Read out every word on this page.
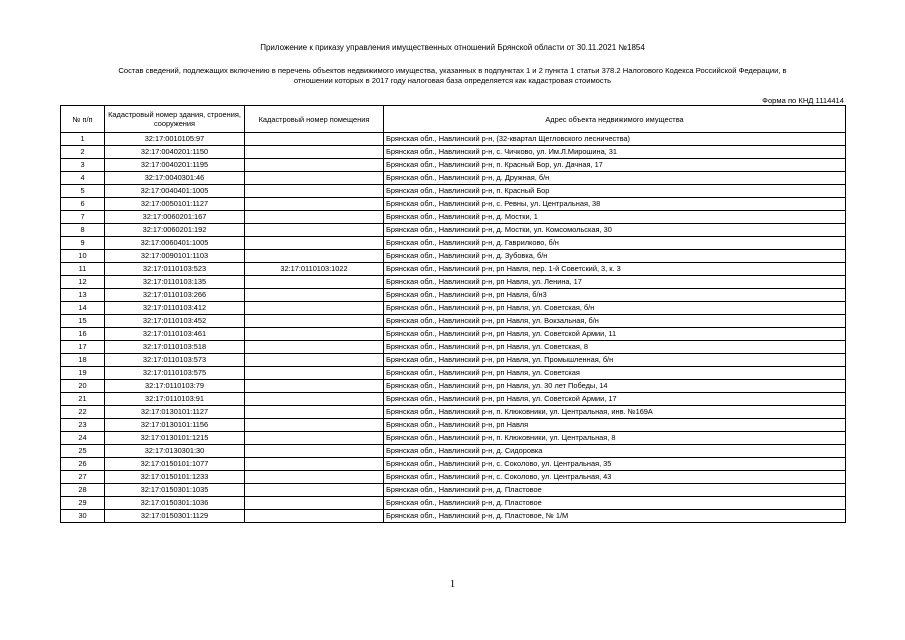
Приложение к приказу управления имущественных отношений Брянской области от 30.11.2021 №1854
Состав сведений, подлежащих включению в перечень объектов недвижимого имущества, указанных в подпунктах 1 и 2 пункта 1 статьи 378.2 Налогового Кодекса Российской Федерации, в
отношении которых в 2017 году налоговая база определяется как кадастровая стоимость
Форма по КНД 1114414
№ п/п	Кадастровый номер здания, строения, сооружения	Кадастровый номер помещения	Адрес объекта недвижимого имущества
1	32:17:0010105:97		Брянская обл., Навлинский р-н, (32-квартал Щегловского лесничества)
2	32:17:0040201:1150		Брянская обл., Навлинский р-н, с. Чичково, ул. Им.Л.Мирошина, 31
3	32:17:0040201:1195		Брянская обл., Навлинский р-н, п. Красный Бор, ул. Дачная, 17
4	32:17:0040301:46		Брянская обл., Навлинский р-н, д. Дружная, б/н
5	32:17:0040401:1005		Брянская обл., Навлинский р-н, п. Красный Бор
6	32:17:0050101:1127		Брянская обл., Навлинский р-н, с. Ревны, ул. Центральная, 38
7	32:17:0060201:167		Брянская обл., Навлинский р-н, д. Мостки, 1
8	32:17:0060201:192		Брянская обл., Навлинский р-н, д. Мостки, ул. Комсомольская, 30
9	32:17:0060401:1005		Брянская обл., Навлинский р-н, д. Гаврилково, б/н
10	32:17:0090101:1103		Брянская обл., Навлинский р-н, д. Зубовка, б/н
11	32:17:0110103:523	32:17:0110103:1022	Брянская обл., Навлинский р-н, рп Навля, пер. 1-й Советский, 3, к. 3
12	32:17:0110103:135		Брянская обл., Навлинский р-н, рп Навля, ул. Ленина, 17
13	32:17:0110103:266		Брянская обл., Навлинский р-н, рп Навля, б/н3
14	32:17:0110103:412		Брянская обл., Навлинский р-н, рп Навля, ул. Советская, б/н
15	32:17:0110103:452		Брянская обл., Навлинский р-н, рп Навля, ул. Вокзальная, б/н
16	32:17:0110103:461		Брянская обл., Навлинский р-н, рп Навля, ул. Советской Армии, 11
17	32:17:0110103:518		Брянская обл., Навлинский р-н, рп Навля, ул. Советская, 8
18	32:17:0110103:573		Брянская обл., Навлинский р-н, рп Навля, ул. Промышленная, б/н
19	32:17:0110103:575		Брянская обл., Навлинский р-н, рп Навля, ул. Советская
20	32:17:0110103:79		Брянская обл., Навлинский р-н, рп Навля, ул. 30 лет Победы, 14
21	32:17:0110103:91		Брянская обл., Навлинский р-н, рп Навля, ул. Советской Армии, 17
22	32:17:0130101:1127		Брянская обл., Навлинский р-н, п. Клюковники, ул. Центральная, инв. №169А
23	32:17:0130101:1156		Брянская обл., Навлинский р-н, рп Навля
24	32:17:0130101:1215		Брянская обл., Навлинский р-н, п. Клюковники, ул. Центральная, 8
25	32:17:0130301:30		Брянская обл., Навлинский р-н, д. Сидоровка
26	32:17:0150101:1077		Брянская обл., Навлинский р-н, с. Соколово, ул. Центральная, 35
27	32:17:0150101:1233		Брянская обл., Навлинский р-н, с. Соколово, ул. Центральная, 43
28	32:17:0150301:1035		Брянская обл., Навлинский р-н, д. Пластовое
29	32:17:0150301:1036		Брянская обл., Навлинский р-н, д. Пластовое
30	32:17:0150301:1129		Брянская обл., Навлинский р-н, д. Пластовое, № 1/М
1
